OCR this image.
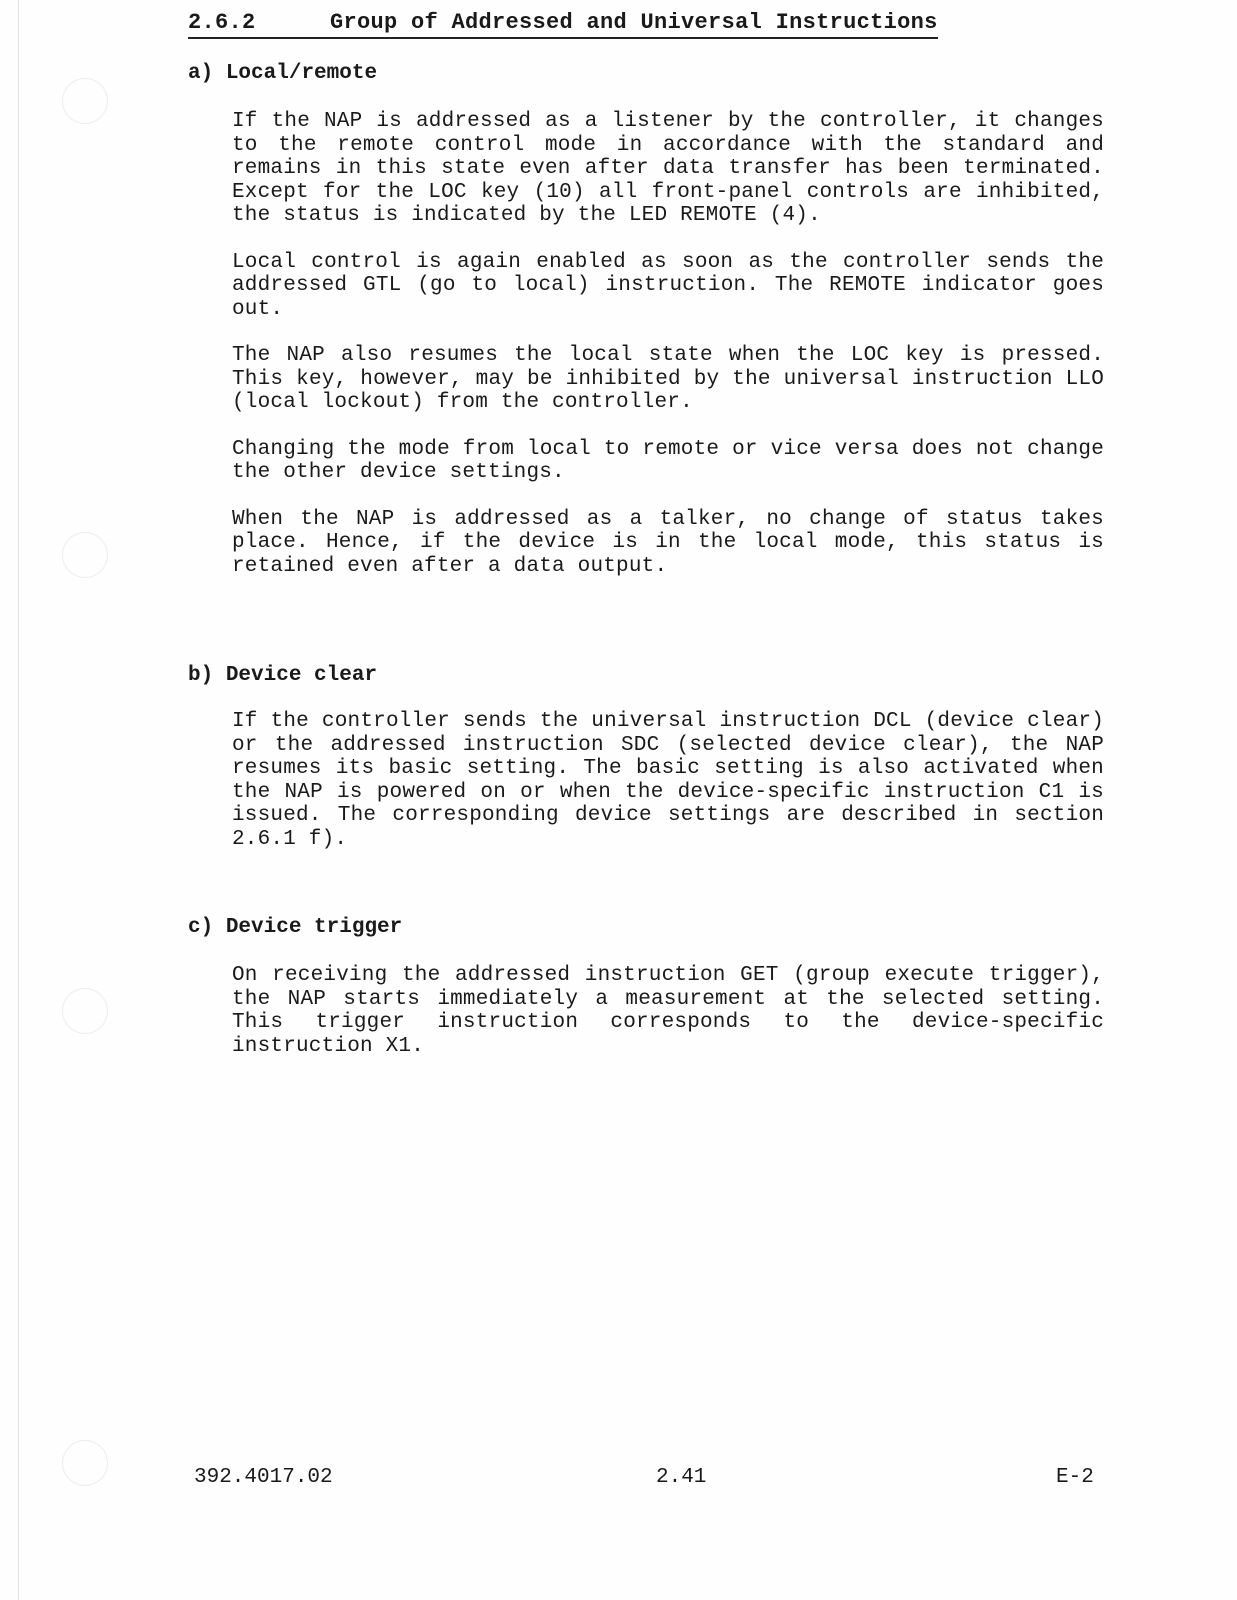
2.6.2	Group of Addressed and Universal Instructions
a) Local/remote

If the NAP is addressed as a listener by the controller, it changes to the remote control mode in accordance with the standard and remains in this state even after data transfer has been terminated. Except for the LOC key (10) all front-panel controls are inhibited, the status is indicated by the LED REMOTE (4).

Local control is again enabled as soon as the controller sends the addressed GTL (go to local) instruction. The REMOTE indicator goes out.

The NAP also resumes the local state when the LOC key is pressed. This key, however, may be inhibited by the universal instruction LLO (local lockout) from the controller.

Changing the mode from local to remote or vice versa does not change the other device settings.

When the NAP is addressed as a talker, no change of status takes place. Hence, if the device is in the local mode, this status is retained even after a data output.

b) Device clear

If the controller sends the universal instruction DCL (device clear) or the addressed instruction SDC (selected device clear), the NAP resumes its basic setting. The basic setting is also activated when the NAP is powered on or when the device-specific instruction C1 is issued. The corresponding device settings are described in section 2.6.1 f).

c) Device trigger

On receiving the addressed instruction GET (group execute trigger), the NAP starts immediately a measurement at the selected setting. This trigger instruction corresponds to the device-specific instruction X1.

392.4017.02	2.41	E-2
